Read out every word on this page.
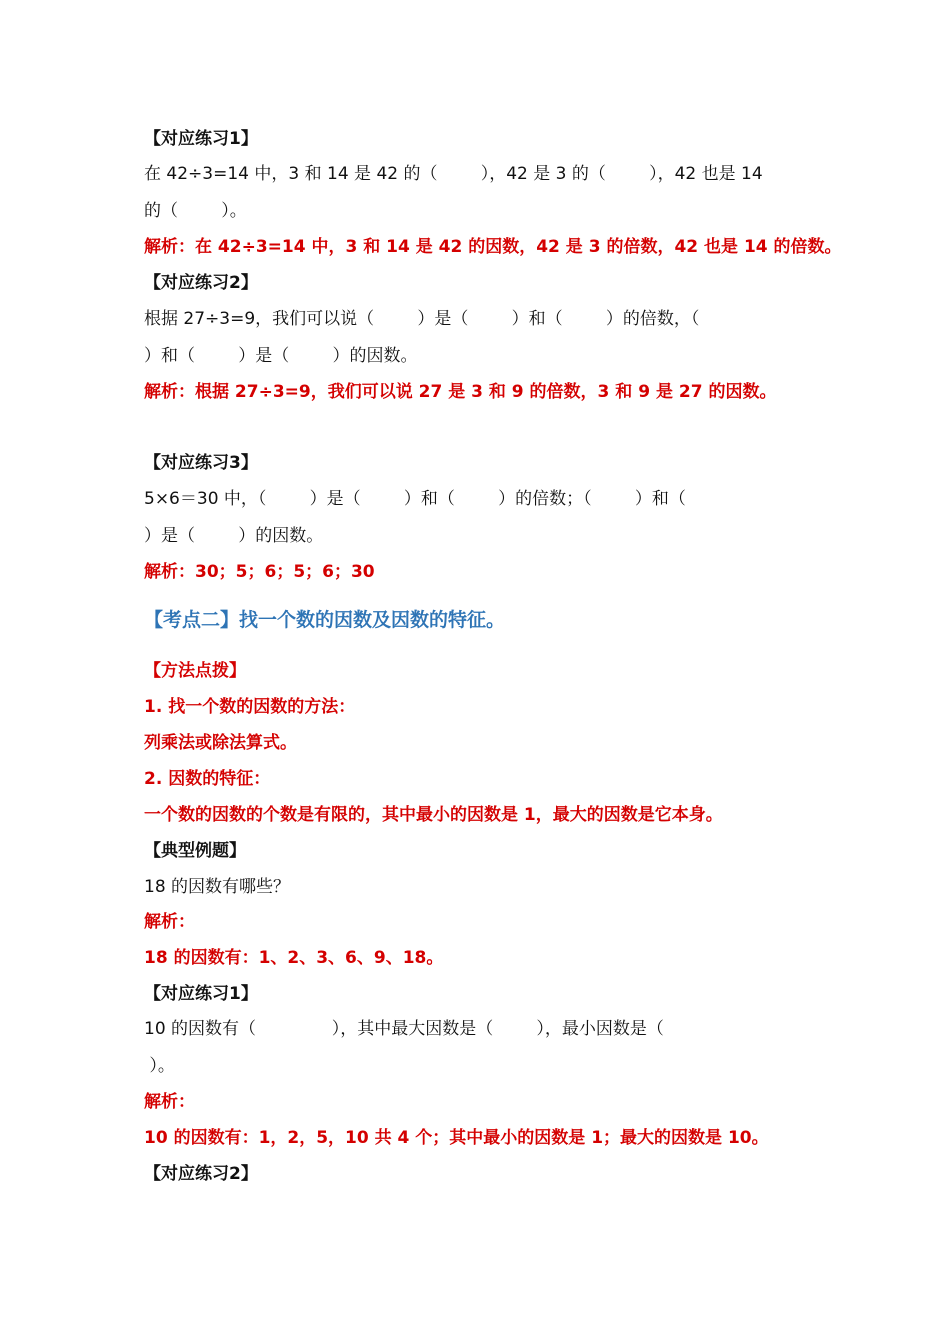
【对应练习1】
在 42÷3=14 中，3 和 14 是 42 的（        ），42 是 3 的（        ），42 也是 14
的（        ）。
解析：在 42÷3=14 中，3 和 14 是 42 的因数，42 是 3 的倍数，42 也是 14 的倍数。
【对应练习2】
根据 27÷3=9，我们可以说（        ）是（        ）和（        ）的倍数，（
）和（        ）是（        ）的因数。
解析：根据 27÷3=9，我们可以说 27 是 3 和 9 的倍数，3 和 9 是 27 的因数。
【对应练习3】
5×6＝30 中，（        ）是（        ）和（        ）的倍数；（        ）和（
）是（        ）的因数。
解析：30；5；6；5；6；30
【考点二】找一个数的因数及因数的特征。
【方法点拨】
1. 找一个数的因数的方法：
列乘法或除法算式。
2. 因数的特征：
一个数的因数的个数是有限的，其中最小的因数是 1，最大的因数是它本身。
【典型例题】
18 的因数有哪些？
解析：
18 的因数有：1、2、3、6、9、18。
【对应练习1】
10 的因数有（              ），其中最大因数是（        ），最小因数是（
）。
解析：
10 的因数有：1，2，5，10 共 4 个；其中最小的因数是 1；最大的因数是 10。
【对应练习2】
